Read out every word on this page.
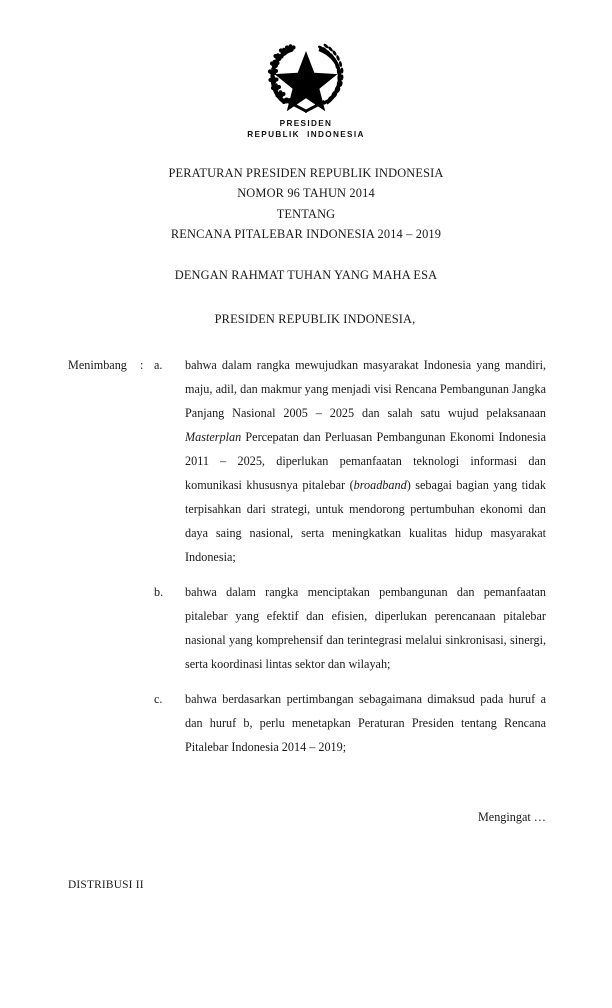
PRESIDEN
REPUBLIK  INDONESIA
PERATURAN PRESIDEN REPUBLIK INDONESIA
NOMOR 96 TAHUN 2014
TENTANG
RENCANA PITALEBAR INDONESIA 2014 – 2019
DENGAN RAHMAT TUHAN YANG MAHA ESA
PRESIDEN REPUBLIK INDONESIA,
Menimbang	: a.	bahwa dalam rangka mewujudkan masyarakat Indonesia yang mandiri, maju, adil, dan makmur yang menjadi visi Rencana Pembangunan Jangka Panjang Nasional 2005 – 2025 dan salah satu wujud pelaksanaan Masterplan Percepatan dan Perluasan Pembangunan Ekonomi Indonesia 2011 – 2025, diperlukan pemanfaatan teknologi informasi dan komunikasi khususnya pitalebar (broadband) sebagai bagian yang tidak terpisahkan dari strategi, untuk mendorong pertumbuhan ekonomi dan daya saing nasional, serta meningkatkan kualitas hidup masyarakat Indonesia;
b.	bahwa dalam rangka menciptakan pembangunan dan pemanfaatan pitalebar yang efektif dan efisien, diperlukan perencanaan pitalebar nasional yang komprehensif dan terintegrasi melalui sinkronisasi, sinergi, serta koordinasi lintas sektor dan wilayah;
c.	bahwa berdasarkan pertimbangan sebagaimana dimaksud pada huruf a dan huruf b, perlu menetapkan Peraturan Presiden tentang Rencana Pitalebar Indonesia 2014 – 2019;
Mengingat …
DISTRIBUSI II
